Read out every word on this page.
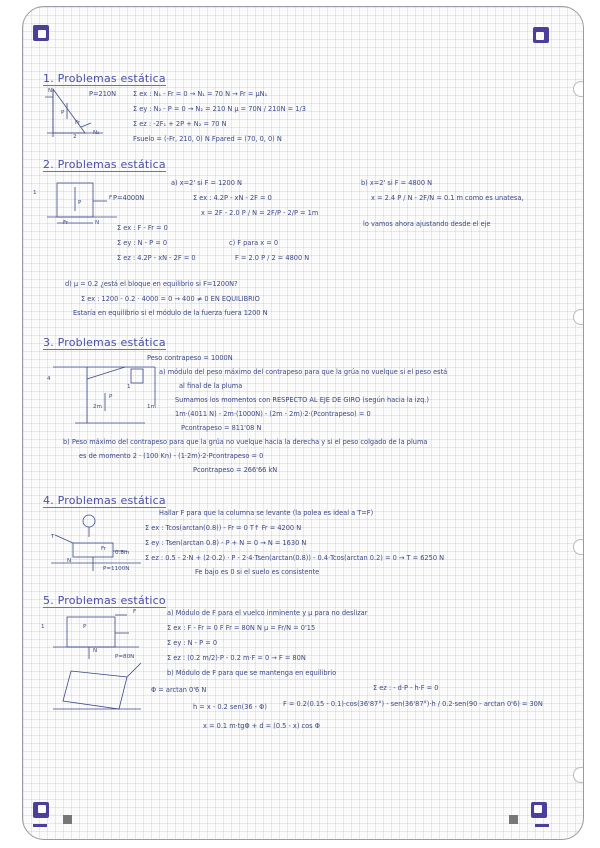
1. Problemas estática
N₁
Fr
P
N₂
2
P=210N	Σ ex : N₁ - Fr = 0 → N₁ = 70 N → Fr = μN₁
Σ ey : N₂ - P = 0 → N₂ = 210 N μ = 70N / 210N = 1/3
Σ ez : -2F₁ + 2P + N₂ = 70 N
Fsuelo = (-Fr, 210, 0) N Fpared = (70, 0, 0) N
2. Problemas estática
F
P
N
Fr
1
a) x=2' si F = 1200 N
P=4000N	Σ ex : 4.2P - xN - 2F = 0
x = 2F - 2.0 P / N = 2F/P - 2/P = 1m
Σ ex : F - Fr = 0
Σ ey : N - P = 0
Σ ez : 4.2P - xN - 2F = 0
c) F para x = 0
F = 2.0 P / 2 = 4800 N
b) x=2' si F = 4800 N
x = 2.4 P / N - 2F/N = 0.1 m como es unatesa,
lo vamos ahora ajustando desde el eje
d) μ = 0.2 ¿está el bloque en equilibrio si F=1200N?
Σ ex : 1200 - 0.2 · 4000 = 0 → 400 ≠ 0 EN EQUILIBRIO
Estaría en equilibrio si el módulo de la fuerza fuera 1200 N
3. Problemas estática
4
1
2m	1m
P
Peso contrapeso = 1000N
a) módulo del peso máximo del contrapeso para que la grúa no vuelque si el peso está
al final de la pluma
Sumamos los momentos con RESPECTO AL EJE DE GIRO (según hacia la izq.)
1m·(4011 N) - 2m·(1000N) - (2m - 2m)·2·(Pcontrapeso) = 0
Pcontrapeso = 811'08 N
b) Peso máximo del contrapeso para que la grúa no vuelque hacia la derecha y si el peso colgado de la pluma
es de momento 2 · (100 Kn) - (1·2m)·2·Pcontrapeso = 0
Pcontrapeso = 266'66 kN
4. Problemas estática
T
N
Fr
P=1100N
0.8m
Hallar F para que la columna se levante (la polea es ideal a T=F)
Σ ex : Tcos(arctan(0.8)) - Fr = 0 T↑ Fr = 4200 N
Σ ey : Tsen(arctan 0.8) - P + N = 0 → N = 1630 N
Σ ez : 0.5 - 2·N + (2·0.2) · P - 2·4·Tsen(arctan(0.8)) - 0.4·Tcos(arctan 0.2) = 0 → T = 6250 N
Fe bajo es 0 si el suelo es consistente
5. Problemas estático
F
P
N
P=80N
1
a) Módulo de F para el vuelco inminente y μ para no deslizar
Σ ex : F - Fr = 0 F Fr = 80N N μ = Fr/N = 0'15
Σ ey : N - P = 0
Σ ez : (0.2 m/2)·P - 0.2 m·F = 0 → F = 80N
b) Módulo de F para que se mantenga en equilibrio
Σ ez : - d·P - h·F = 0
F = 0.2(0.15 - 0.1)·cos(36'87°) - sen(36'87°)·h / 0.2·sen(90 - arctan 0'6) = 30N
Φ = arctan 0'6 N
h = x - 0.2 sen(36 - Φ)
x = 0.1 m·tgΦ + d = (0.5 - x) cos Φ
